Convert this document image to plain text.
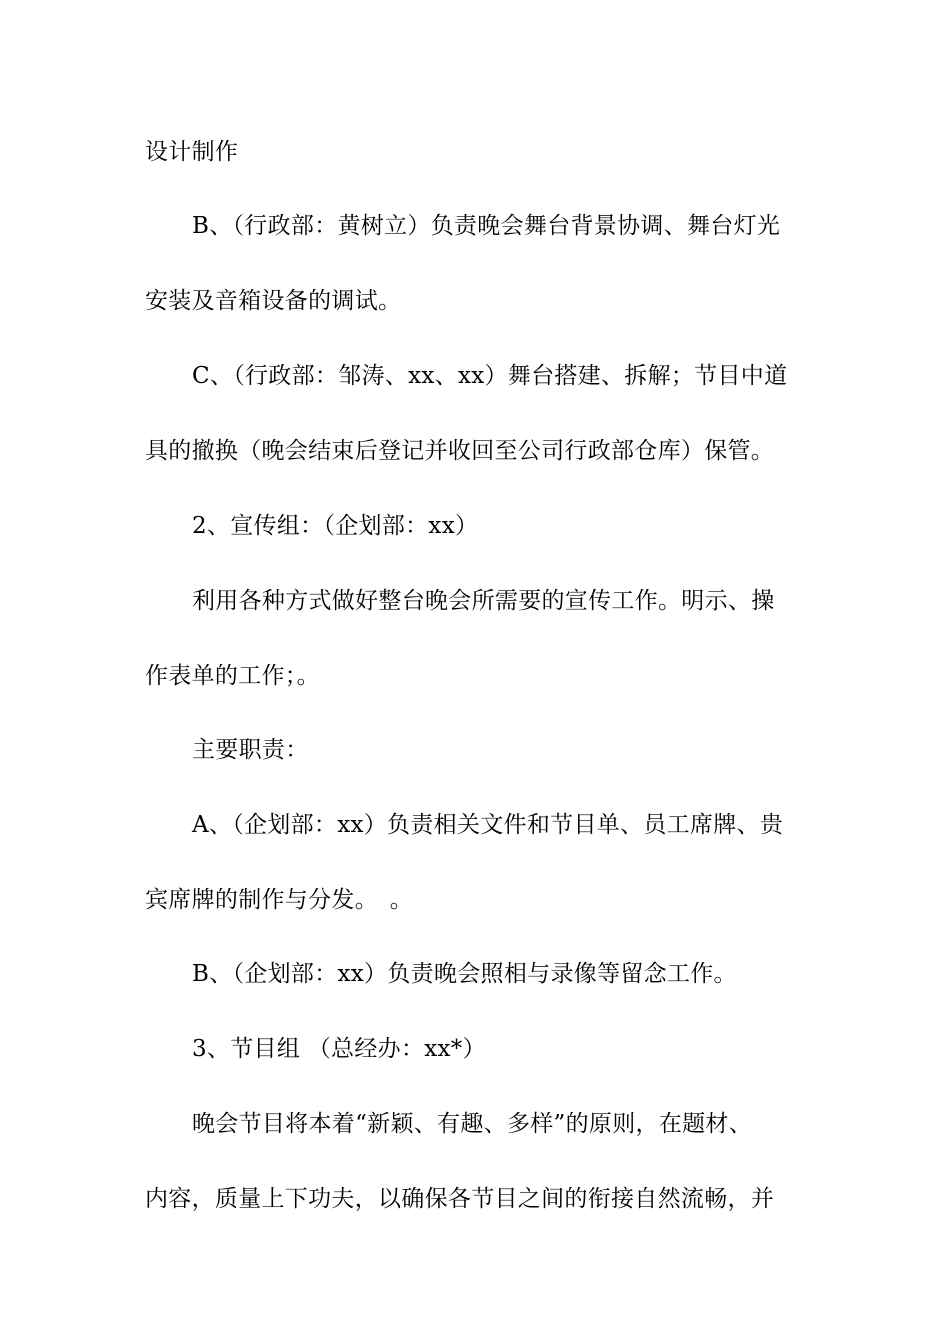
设计制作
B、（行政部：黄树立）负责晚会舞台背景协调、舞台灯光
安装及音箱设备的调试。
C、（行政部：邹涛、xx、xx）舞台搭建、拆解；节目中道
具的撤换（晚会结束后登记并收回至公司行政部仓库）保管。
2、宣传组：（企划部：xx）
利用各种方式做好整台晚会所需要的宣传工作。明示、操
作表单的工作；。
主要职责：
A、（企划部：xx）负责相关文件和节目单、员工席牌、贵
宾席牌的制作与分发。　。
B、（企划部：xx）负责晚会照相与录像等留念工作。
3、节目组 （总经办：xx*）
晚会节目将本着“新颖、有趣、多样”的原则，在题材、
内容，质量上下功夫，以确保各节目之间的衔接自然流畅，并
